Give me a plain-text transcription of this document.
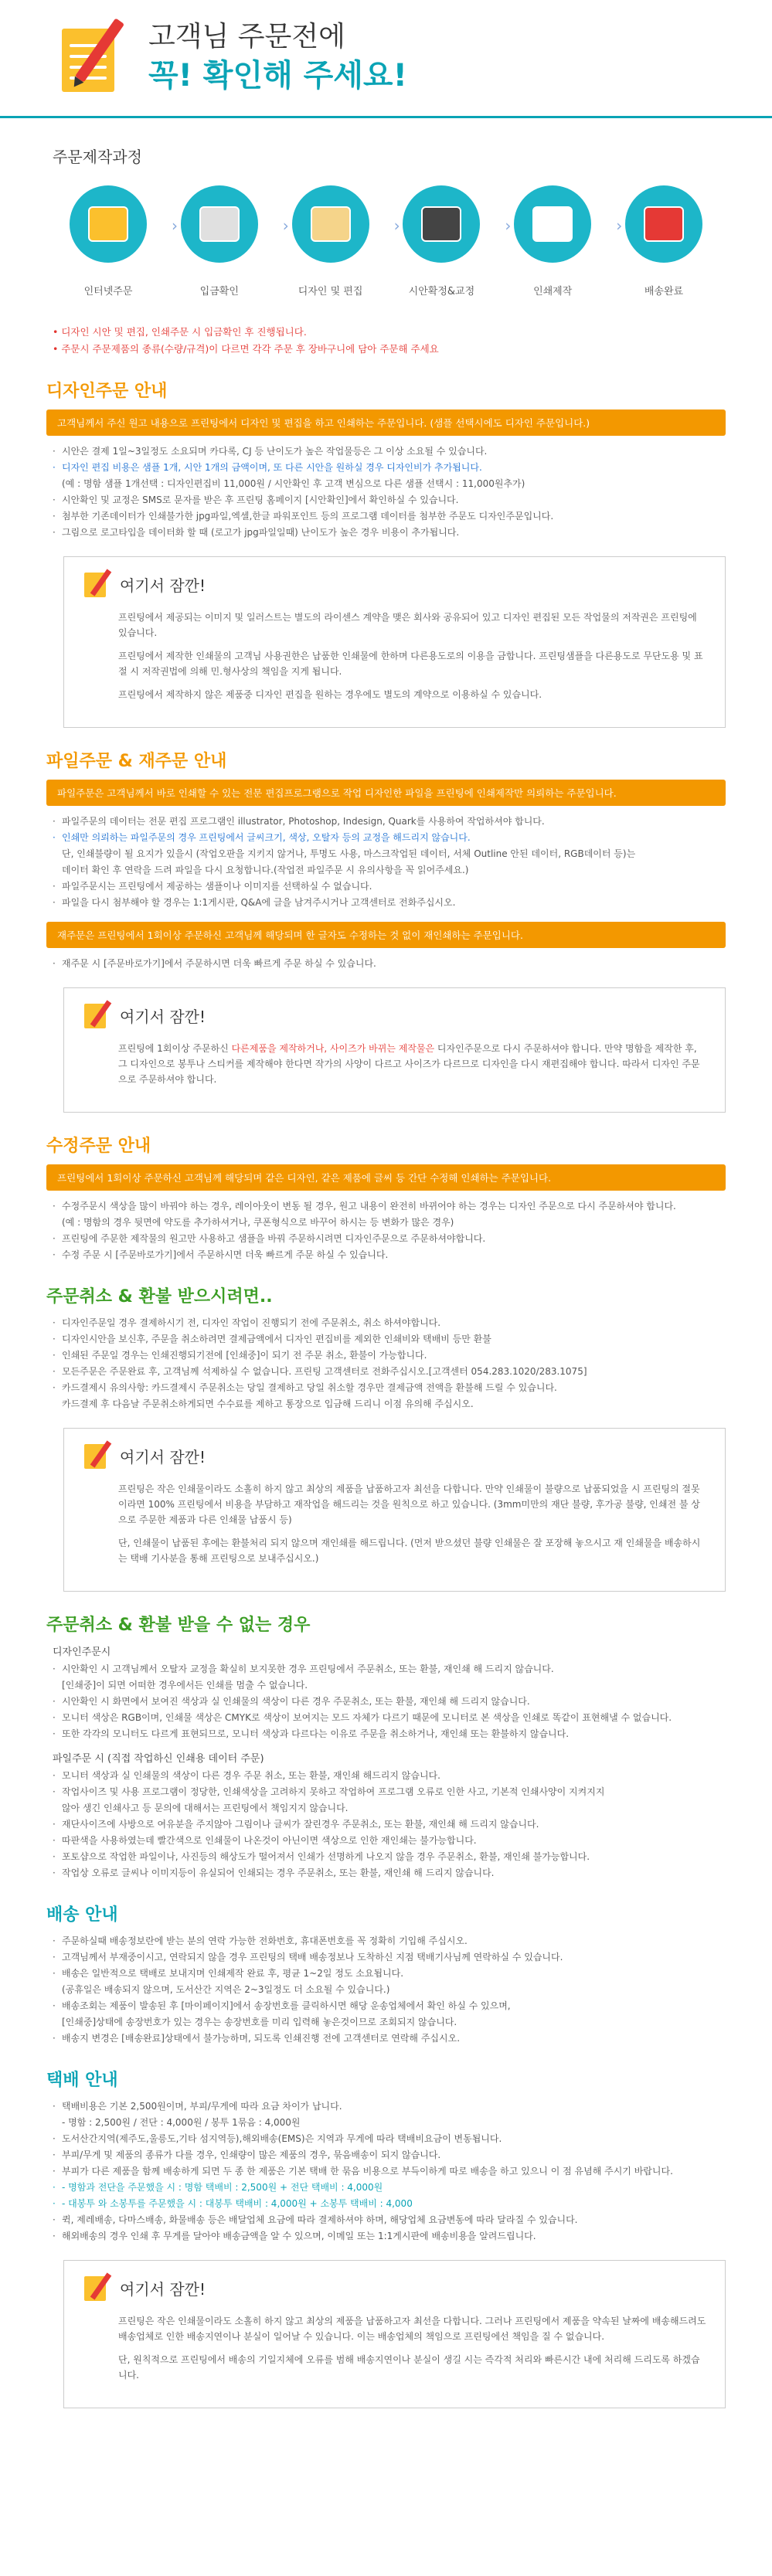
고객님 주문전에
꼭! 확인해 주세요!
주문제작과정
›
인터넷주문
›
입금확인
›
디자인 및 편집
›
시안확정&교정
›
인쇄제작	배송완료
• 디자인 시안 및 편집, 인쇄주문 시 입금확인 후 진행됩니다.
• 주문시 주문제품의 종류(수량/규격)이 다르면 각각 주문 후 장바구니에 담아 주문해 주세요
디자인주문 안내
고객님께서 주신 원고 내용으로 프린팅에서 디자인 및 편집을 하고 인쇄하는 주문입니다. (샘플 선택시에도 디자인 주문입니다.)
· 시안은 결제 1일~3일정도 소요되며 카다록, CJ 등 난이도가 높은 작업물등은 그 이상 소요될 수 있습니다.
· 디자인 편집 비용은 샘플 1개, 시안 1개의 금액이며, 또 다른 시안을 원하실 경우 디자인비가 추가됩니다.
(예 : 명함 샘플 1개선택 : 디자인편집비 11,000원 / 시안확인 후 고객 변심으로 다른 샘플 선택시 : 11,000원추가)
· 시안확인 및 교정은 SMS로 문자를 받은 후 프린팅 홈페이지 [시안확인]에서 확인하실 수 있습니다.
· 첨부한 기존데이터가 인쇄불가한 jpg파일,엑셀,한글 파워포인트 등의 프로그램 데이터를 첨부한 주문도 디자인주문입니다.
· 그림으로 로고타입을 데이터화 할 때 (로고가 jpg파일일때) 난이도가 높은 경우 비용이 추가됩니다.
여기서 잠깐!

프린팅에서 제공되는 이미지 및 일러스트는 별도의 라이센스 계약을 맺은 회사와 공유되어 있고 디자인 편집된 모든 작업물의 저작권은 프린팅에 있습니다.

프린팅에서 제작한 인쇄물의 고객님 사용권한은 납품한 인쇄물에 한하며 다른용도로의 이용을 금합니다. 프린팅샘플을 다른용도로 무단도용 및 표절 시 저작권법에 의해 민.형사상의 책임을 지게 됩니다.

프린팅에서 제작하지 않은 제품중 디자인 편집을 원하는 경우에도 별도의 계약으로 이용하실 수 있습니다.

파일주문 & 재주문 안내
파일주문은 고객님께서 바로 인쇄할 수 있는 전문 편집프로그램으로 작업 디자인한 파일을 프린팅에 인쇄제작만 의뢰하는 주문입니다.
· 파일주문의 데이터는 전문 편집 프로그램인 illustrator, Photoshop, Indesign, Quark를 사용하여 작업하셔야 합니다.
· 인쇄만 의뢰하는 파일주문의 경우 프린팅에서 글씨크기, 색상, 오탈자 등의 교정을 해드리지 않습니다.
단, 인쇄불량이 될 요지가 있을시 (작업오판을 지키지 않거나, 투명도 사용, 마스크작업된 데이터, 서체 Outline 안된 데이터, RGB데이터 등)는
데이터 확인 후 연락을 드려 파일을 다시 요청합니다.(작업전 파일주문 시 유의사항을 꼭 읽어주세요.)
· 파일주문시는 프린팅에서 제공하는 샘플이나 이미지를 선택하실 수 없습니다.
· 파일을 다시 첨부해야 할 경우는 1:1게시판, Q&A에 글을 남겨주시거나 고객센터로 전화주십시오.
재주문은 프린팅에서 1회이상 주문하신 고객님께 해당되며 한 글자도 수정하는 것 없이 재인쇄하는 주문입니다.
· 재주문 시 [주문바로가기]에서 주문하시면 더욱 빠르게 주문 하실 수 있습니다.
여기서 잠깐!

프린팅에 1회이상 주문하신 다른제품을 제작하거나, 사이즈가 바뀌는 제작물은 디자인주문으로 다시 주문하셔야 합니다. 만약 명함을 제작한 후, 그 디자인으로 봉투나 스티커를 제작해야 한다면 작가의 사양이 다르고 사이즈가 다르므로 디자인을 다시 재편집해야 합니다. 따라서 디자인 주문으로 주문하셔야 합니다.

수정주문 안내
프린팅에서 1회이상 주문하신 고객님께 해당되며 같은 디자인, 같은 제품에 글씨 등 간단 수정해 인쇄하는 주문입니다.
· 수정주문시 색상을 많이 바꿔야 하는 경우, 레이아웃이 변동 될 경우, 원고 내용이 완전히 바뀌어야 하는 경우는 디자인 주문으로 다시 주문하셔야 합니다.
(예 : 명함의 경우 뒷면에 약도를 추가하셔거나, 쿠폰형식으로 바꾸어 하시는 등 변화가 많은 경우)
· 프린팅에 주문한 제작물의 원고만 사용하고 샘플을 바꿔 주문하시려면 디자인주문으로 주문하셔야합니다.
· 수정 주문 시 [주문바로가기]에서 주문하시면 더욱 빠르게 주문 하실 수 있습니다.
주문취소 & 환불 받으시려면..
· 디자인주문일 경우 결제하시기 전, 디자인 작업이 진행되기 전에 주문취소, 취소 하셔야합니다.
· 디자인시안을 보신후, 주문을 취소하려면 결제금액에서 디자인 편집비를 제외한 인쇄비와 택배비 등만 환불
· 인쇄된 주문일 경우는 인쇄진행되기전에 [인쇄중]이 되기 전 주문 취소, 환불이 가능합니다.
· 모든주문은 주문완료 후, 고객님께 석제하실 수 없습니다. 프린팅 고객센터로 전화주십시오.[고객센터 054.283.1020/283.1075]
· 카드결제시 유의사항: 카드결제시 주문취소는 당일 결제하고 당일 취소할 경우만 결제금액 전액을 환불해 드릴 수 있습니다.
카드결제 후 다음날 주문취소하게되면 수수료를 제하고 통장으로 입금해 드리니 이점 유의해 주십시오.
여기서 잠깐!

프린팅은 작은 인쇄물이라도 소홀히 하지 않고 최상의 제품을 납품하고자 최선을 다합니다. 만약 인쇄물이 불량으로 납품되었을 시 프린팅의 절못이라면 100% 프린팅에서 비용을 부담하고 재작업을 해드리는 것을 원칙으로 하고 있습니다. (3mm미만의 재단 불량, 후가공 불량, 인쇄전 불 상으로 주문한 제품과 다른 인쇄물 납품시 등)

단, 인쇄물이 납품된 후에는 환불처리 되지 않으며 재인쇄를 해드립니다. (먼저 받으셨던 불량 인쇄물은 잘 포장해 놓으시고 재 인쇄물을 배송하시는 택배 기사분을 통해 프린팅으로 보내주십시오.)

주문취소 & 환불 받을 수 없는 경우
디자인주문시
· 시안확인 시 고객님께서 오탈자 교정을 확실히 보지못한 경우 프린팅에서 주문취소, 또는 환불, 재인쇄 해 드리지 않습니다.
[인쇄중]이 되면 어떠한 경우에서든 인쇄를 멈출 수 없습니다.
· 시안확인 시 화면에서 보여진 색상과 실 인쇄물의 색상이 다른 경우 주문취소, 또는 환불, 재인쇄 해 드리지 않습니다.
· 모니터 색상은 RGB이며, 인쇄물 색상은 CMYK로 색상이 보여지는 모드 자체가 다르기 때문에 모니터로 본 색상을 인쇄로 똑같이 표현해낼 수 없습니다.
· 또한 각각의 모니터도 다르게 표현되므로, 모니터 색상과 다르다는 이유로 주문을 취소하거나, 재인쇄 또는 환불하지 않습니다.
파일주문 시 (직접 작업하신 인쇄용 데이터 주문)
· 모니터 색상과 실 인쇄물의 색상이 다른 경우 주문 취소, 또는 환불, 재인쇄 해드리지 않습니다.
· 작업사이즈 및 사용 프로그램이 정당한, 인쇄색상을 고려하지 못하고 작업하여 프로그램 오류로 인한 사고, 기본적 인쇄사양이 지켜지지
않아 생긴 인쇄사고 등 문의에 대해서는 프린팅에서 책임지지 않습니다.
· 재단사이즈에 사방으로 여유분을 주지않아 그림이나 글씨가 잘린경우 주문취소, 또는 환불, 재인쇄 해 드리지 않습니다.
· 따판색을 사용하였는데 빨간색으로 인쇄물이 나온것이 아닌이면 색상으로 인한 재인쇄는 불가능합니다.
· 포토샵으로 작업한 파일이나, 사진등의 해상도가 떨어져서 인쇄가 선명하게 나오지 않을 경우 주문취소, 환불, 재인쇄 불가능합니다.
· 작업상 오류로 글씨나 이미지등이 유실되어 인쇄되는 경우 주문취소, 또는 환불, 재인쇄 해 드리지 않습니다.
배송 안내
· 주문하실때 배송정보란에 받는 분의 연락 가능한 전화번호, 휴대폰번호를 꼭 정확히 기입해 주십시오.
· 고객님께서 부재중이시고, 연락되지 않을 경우 프린팅의 택배 배송정보나 도착하신 지점 택배기사님께 연락하실 수 있습니다.
· 배송은 일반적으로 택배로 보내지며 인쇄제작 완료 후, 평균 1~2일 정도 소요됩니다.
(공휴일은 배송되지 않으며, 도서산간 지역은 2~3일정도 더 소요될 수 있습니다.)
· 배송조회는 제품이 발송된 후 [마이페이지]에서 송장번호를 클릭하시면 해당 운송업체에서 확인 하실 수 있으며,
[인쇄중]상태에 송장번호가 있는 경우는 송장번호를 미리 입력해 놓은것이므로 조회되지 않습니다.
· 배송지 변경은 [배송완료]상태에서 불가능하며, 되도록 인쇄진행 전에 고객센터로 연락해 주십시오.
택배 안내
· 택배비용은 기본 2,500원이며, 부피/무게에 따라 요금 차이가 납니다.
- 명함 : 2,500원 / 전단 : 4,000원 / 봉투 1묶음 : 4,000원
· 도서산간지역(제주도,울릉도,기타 섬지역등),해외배송(EMS)은 지역과 무게에 따라 택배비요금이 변동됩니다.
· 부피/무게 및 제품의 종류가 다를 경우, 인쇄량이 많은 제품의 경우, 묶음배송이 되지 않습니다.
· 부피가 다른 제품을 함께 배송하게 되면 두 종 한 제품은 기본 택배 한 묶음 비용으로 부득이하게 따로 배송을 하고 있으니 이 점 유념해 주시기 바랍니다.
· - 명함과 전단을 주문했을 시 : 명함 택배비 : 2,500원 + 전단 택배비 : 4,000원
· - 대봉투 와 소봉투를 주문했을 시 : 대봉투 택배비 : 4,000원 + 소봉투 택배비 : 4,000
· 퀵, 제레배송, 다마스배송, 화물배송 등은 배달업체 요금에 따라 결제하셔야 하며, 해당업체 요금변동에 따라 달라질 수 있습니다.
· 해외배송의 경우 인쇄 후 무게를 달아야 배송금액을 알 수 있으며, 이메일 또는 1:1게시판에 배송비용을 알려드립니다.
여기서 잠깐!

프린팅은 작은 인쇄물이라도 소홀히 하지 않고 최상의 제품을 납품하고자 최선을 다합니다. 그러나 프린팅에서 제품을 약속된 날짜에 배송해드려도 배송업체로 인한 배송지연이나 분실이 일어날 수 있습니다. 이는 배송업체의 책임으로 프린팅에선 책임을 질 수 없습니다.

단, 원칙적으로 프린팅에서 배송의 기일지체에 오류를 범해 배송지연이나 분실이 생길 시는 즉각적 처리와 빠른시간 내에 처리해 드리도록 하겠습니다.
